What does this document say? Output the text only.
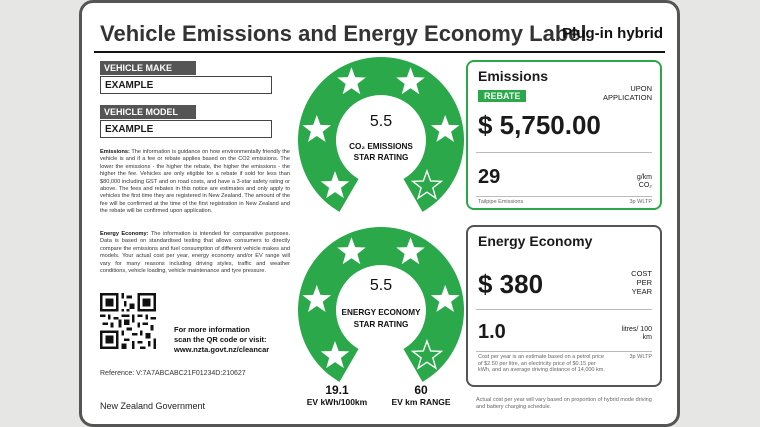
Vehicle Emissions and Energy Economy Label
Plug-in hybrid
VEHICLE MAKE
EXAMPLE
VEHICLE MODEL
EXAMPLE
Emissions: The information is guidance on how environmentally friendly the vehicle is and if a fee or rebate applies based on the CO2 emissions. The lower the emissions - the higher the rebate, the higher the emissions - the higher the fee. Vehicles are only eligible for a rebate if sold for less than $80,000 including GST and on road costs, and have a 3-star safety rating or above. The fees and rebates in this notice are estimates and only apply to vehicles the first time they are registered in New Zealand. The amount of the fee will be confirmed at the time of the first registration in New Zealand and the rebate will be confirmed upon application.
Energy Economy: The information is intended for comparative purposes. Data is based on standardised testing that allows consumers to directly compare the emissions and fuel consumption of different vehicle makes and models. Your actual cost per year, energy economy and/or EV range will vary for many reasons including driving styles, traffic and weather conditions, vehicle loading, vehicle maintenance and tyre pressure.
For more information
scan the QR code or visit:
www.nzta.govt.nz/cleancar
Reference: V:7A7ABCABC21F01234D:210627
New Zealand Government
5.5
CO₂ EMISSIONS
STAR RATING
5.5
ENERGY ECONOMY
STAR RATING
19.1
EV kWh/100km
60
EV km RANGE
Emissions
REBATE
UPON APPLICATION
$ 5,750.00
29	g/km CO₂
Tailpipe Emissions	3p WLTP
Energy Economy
$ 380	COST PER YEAR
1.0	litres/ 100 km
Cost per year is an estimate based on a petrol price of $2.50 per litre, an electricity price of $0.15 per kWh, and an average driving distance of 14,000 km.
3p WLTP
Actual cost per year will vary based on proportion of hybrid mode driving and battery charging schedule.
